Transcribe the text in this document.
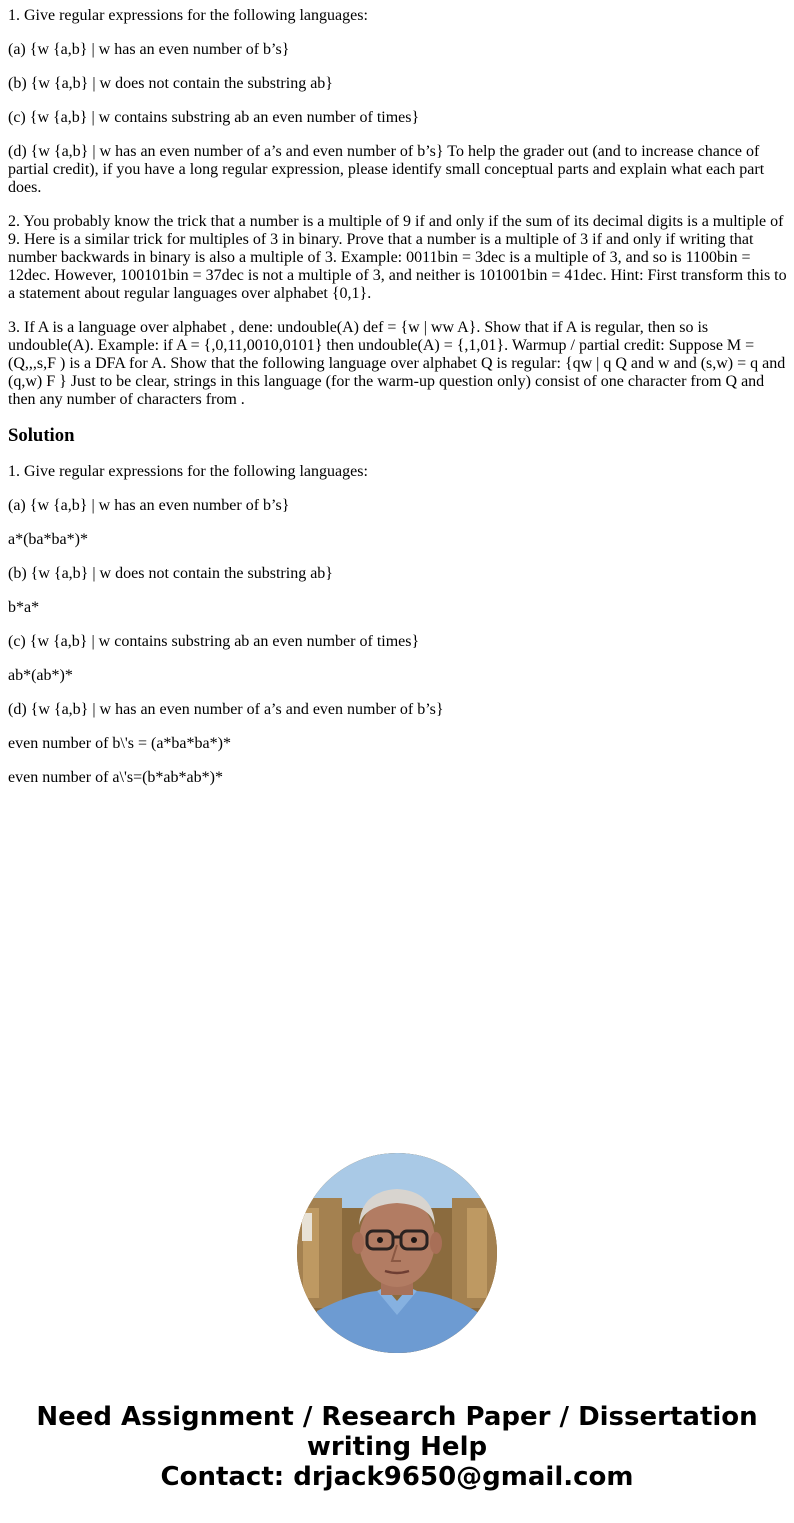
1. Give regular expressions for the following languages:

(a) {w {a,b} | w has an even number of b’s}

(b) {w {a,b} | w does not contain the substring ab}

(c) {w {a,b} | w contains substring ab an even number of times}

(d) {w {a,b} | w has an even number of a’s and even number of b’s} To help the grader out (and to increase chance of partial credit), if you have a long regular expression, please identify small conceptual parts and explain what each part does.

2. You probably know the trick that a number is a multiple of 9 if and only if the sum of its decimal digits is a multiple of 9. Here is a similar trick for multiples of 3 in binary. Prove that a number is a multiple of 3 if and only if writing that number backwards in binary is also a multiple of 3. Example: 0011bin = 3dec is a multiple of 3, and so is 1100bin = 12dec. However, 100101bin = 37dec is not a multiple of 3, and neither is 101001bin = 41dec. Hint: First transform this to a statement about regular languages over alphabet {0,1}.

3. If A is a language over alphabet , dene: undouble(A) def = {w | ww A}. Show that if A is regular, then so is undouble(A). Example: if A = {,0,11,0010,0101} then undouble(A) = {,1,01}. Warmup / partial credit: Suppose M = (Q,,,s,F ) is a DFA for A. Show that the following language over alphabet Q is regular: {qw | q Q and w and (s,w) = q and (q,w) F } Just to be clear, strings in this language (for the warm-up question only) consist of one character from Q and then any number of characters from .

Solution

1. Give regular expressions for the following languages:

(a) {w {a,b} | w has an even number of b’s}

a*(ba*ba*)*

(b) {w {a,b} | w does not contain the substring ab}

b*a*

(c) {w {a,b} | w contains substring ab an even number of times}

ab*(ab*)*

(d) {w {a,b} | w has an even number of a’s and even number of b’s}

even number of b\'s = (a*ba*ba*)*

even number of a\'s=(b*ab*ab*)*

Need Assignment / Research Paper / Dissertation
writing Help
Contact: drjack9650@gmail.com
